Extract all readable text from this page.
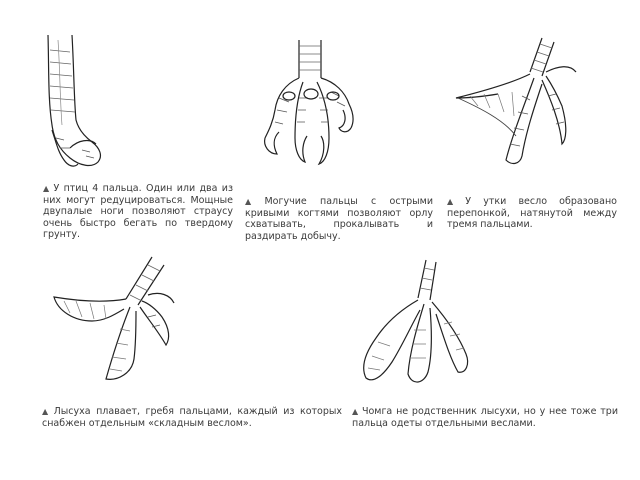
▲ У птиц 4 пальца. Один или два из них могут редуцироваться. Мощные двупалые ноги позволяют страусу очень быстро бегать по твердому грунту.
▲ Могучие пальцы с острыми кривыми когтями позволяют орлу схватывать, прокалывать и раздирать добычу.
▲ У утки весло образовано перепонкой, натянутой между тремя пальцами.
▲ Лысуха плавает, гребя пальцами, каждый из которых снабжен отдельным «складным веслом».
▲ Чомга не родственник лысухи, но у нее тоже три пальца одеты отдельными веслами.
